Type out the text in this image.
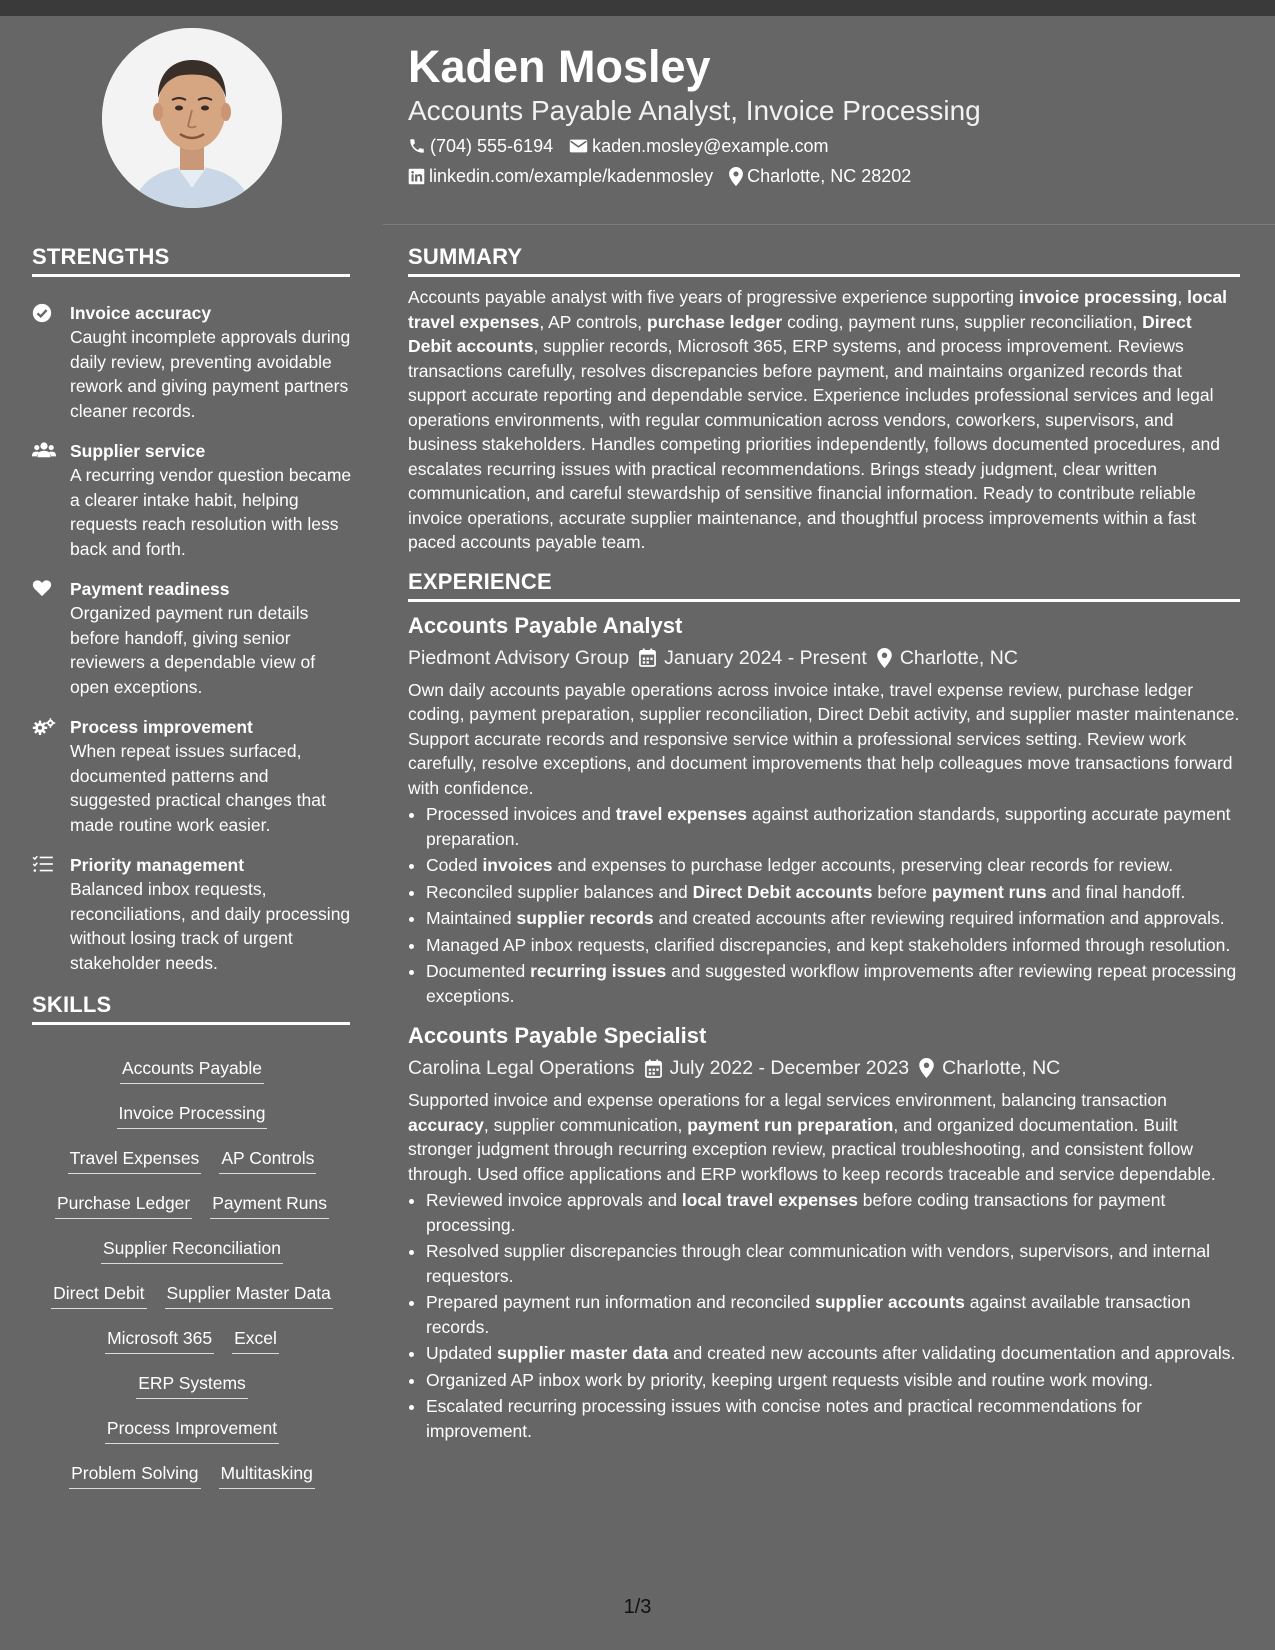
STRENGTHS
Invoice accuracy
Caught incomplete approvals during daily review, preventing avoidable rework and giving payment partners cleaner records.
Supplier service
A recurring vendor question became a clearer intake habit, helping requests reach resolution with less back and forth.
Payment readiness
Organized payment run details before handoff, giving senior reviewers a dependable view of open exceptions.
Process improvement
When repeat issues surfaced, documented patterns and suggested practical changes that made routine work easier.
Priority management
Balanced inbox requests, reconciliations, and daily processing without losing track of urgent stakeholder needs.
SKILLS
Accounts Payable
Invoice Processing
Travel Expenses AP Controls
Purchase Ledger Payment Runs
Supplier Reconciliation
Direct Debit Supplier Master Data
Microsoft 365 Excel
ERP Systems
Process Improvement
Problem Solving Multitasking
Kaden Mosley
Accounts Payable Analyst, Invoice Processing
(704) 555-6194 kaden.mosley@example.com
linkedin.com/example/kadenmosley Charlotte, NC 28202
SUMMARY

Accounts payable analyst with five years of progressive experience supporting invoice processing, local travel expenses, AP controls, purchase ledger coding, payment runs, supplier reconciliation, Direct Debit accounts, supplier records, Microsoft 365, ERP systems, and process improvement. Reviews transactions carefully, resolves discrepancies before payment, and maintains organized records that support accurate reporting and dependable service. Experience includes professional services and legal operations environments, with regular communication across vendors, coworkers, supervisors, and business stakeholders. Handles competing priorities independently, follows documented procedures, and escalates recurring issues with practical recommendations. Brings steady judgment, clear written communication, and careful stewardship of sensitive financial information. Ready to contribute reliable invoice operations, accurate supplier maintenance, and thoughtful process improvements within a fast paced accounts payable team.

EXPERIENCE
Accounts Payable Analyst
Piedmont Advisory Group January 2024 - Present Charlotte, NC

Own daily accounts payable operations across invoice intake, travel expense review, purchase ledger coding, payment preparation, supplier reconciliation, Direct Debit activity, and supplier master maintenance. Support accurate records and responsive service within a professional services setting. Review work carefully, resolve exceptions, and document improvements that help colleagues move transactions forward with confidence.

• Processed invoices and travel expenses against authorization standards, supporting accurate payment preparation.
• Coded invoices and expenses to purchase ledger accounts, preserving clear records for review.
• Reconciled supplier balances and Direct Debit accounts before payment runs and final handoff.
• Maintained supplier records and created accounts after reviewing required information and approvals.
• Managed AP inbox requests, clarified discrepancies, and kept stakeholders informed through resolution.
• Documented recurring issues and suggested workflow improvements after reviewing repeat processing exceptions.
Accounts Payable Specialist
Carolina Legal Operations July 2022 - December 2023 Charlotte, NC

Supported invoice and expense operations for a legal services environment, balancing transaction accuracy, supplier communication, payment run preparation, and organized documentation. Built stronger judgment through recurring exception review, practical troubleshooting, and consistent follow through. Used office applications and ERP workflows to keep records traceable and service dependable.

• Reviewed invoice approvals and local travel expenses before coding transactions for payment processing.
• Resolved supplier discrepancies through clear communication with vendors, supervisors, and internal requestors.
• Prepared payment run information and reconciled supplier accounts against available transaction records.
• Updated supplier master data and created new accounts after validating documentation and approvals.
• Organized AP inbox work by priority, keeping urgent requests visible and routine work moving.
• Escalated recurring processing issues with concise notes and practical recommendations for improvement.
1/3
